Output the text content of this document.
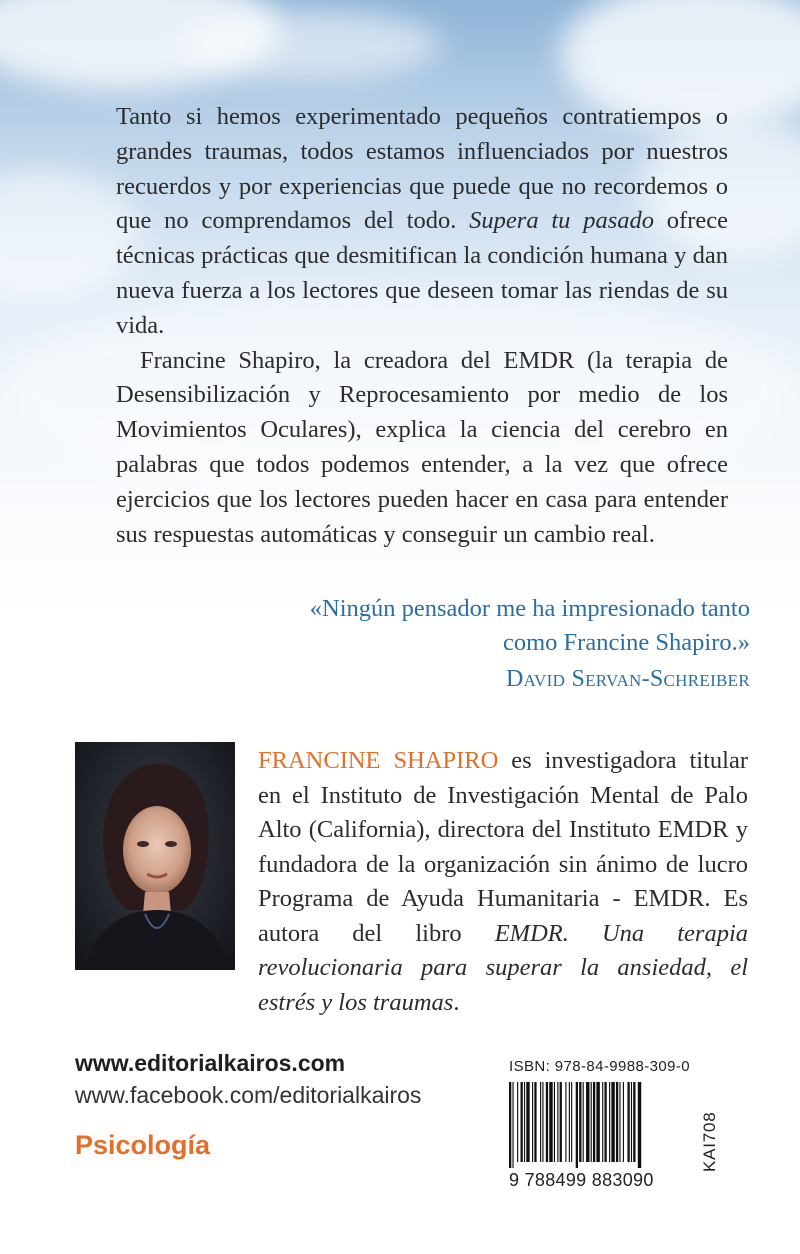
Tanto si hemos experimentado pequeños contratiempos o grandes traumas, todos estamos influenciados por nuestros recuerdos y por experiencias que puede que no recordemos o que no comprendamos del todo. Supera tu pasado ofrece técnicas prácticas que desmitifican la condición humana y dan nueva fuerza a los lectores que deseen tomar las riendas de su vida.

Francine Shapiro, la creadora del EMDR (la terapia de Desensibilización y Reprocesamiento por medio de los Movimientos Oculares), explica la ciencia del cerebro en palabras que todos podemos entender, a la vez que ofrece ejercicios que los lectores pueden hacer en casa para entender sus respuestas automáticas y conseguir un cambio real.

«Ningún pensador me ha impresionado tanto
como Francine Shapiro.»
David Servan-Schreiber
FRANCINE SHAPIRO es investigadora titular en el Instituto de Investigación Mental de Palo Alto (California), directora del Instituto EMDR y fundadora de la organización sin ánimo de lucro Programa de Ayuda Humanitaria - EMDR. Es autora del libro EMDR. Una terapia revolucionaria para superar la ansiedad, el estrés y los traumas.
www.editorialkairos.com
www.facebook.com/editorialkairos
Psicología
ISBN: 978-84-9988-309-0
9 788499 883090
KAI708
